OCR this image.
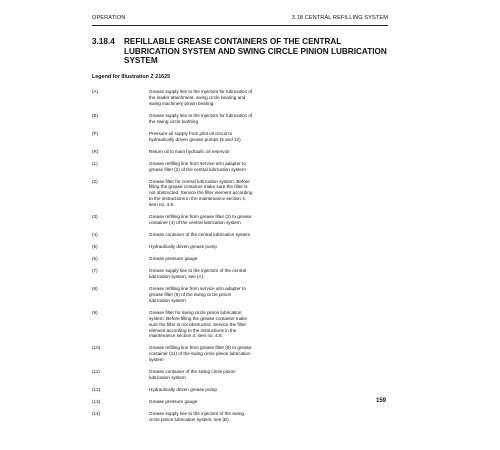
OPERATION	3.18 CENTRAL REFILLING SYSTEM
3.18.4 REFILLABLE GREASE CONTAINERS OF THE CENTRAL LUBRICATION SYSTEM AND SWING CIRCLE PINION LUBRICATION SYSTEM
Legend for Illustration Z 21625
(A)	Grease supply line to the injectors for lubrication of the loader attachment, swing circle bearing and swing machinery pinion bearing
(B)	Grease supply line to the injectors for lubrication of the swing circle toothing
(P)	Pressure oil supply from pilot oil circuit to hydraulically driven grease pumps (5 and 12)
(R)	Return oil to main hydraulic oil reservoir
(1)	Grease refilling line from service arm adapter to grease filter (2) of the central lubrication system
(2)	Grease filter for central lubrication system. Before filling the grease container make sure the filter is not obstructed. Service the filter element according to the instructions in the maintenance section 4, item no. 4.8.
(3)	Grease refilling line from grease filter (2) to grease container (4) of the central lubrication system
(4)	Grease container of the central lubrication system
(5)	Hydraulically driven grease pump
(6)	Grease pressure gauge
(7)	Grease supply line to the injectors of the central lubrication system, see (A).
(8)	Grease refilling line from service arm adapter to grease filter (9) of the swing circle pinion lubrication system
(9)	Grease filter for swing circle pinion lubrication system. Before filling the grease container make sure the filter is not obstructed. Service the filter element according to the instructions in the maintenance section 4, item no. 4.8.
(10)	Grease refilling line from grease filter (9) to grease container (11) of the swing circle pinion lubrication system
(11)	Grease container of the swing circle pinion lubrication system
(12)	Hydraulically driven grease pump
(13)	Grease pressure gauge
(14)	Grease supply line to the injectors of the swing circle pinion lubrication system, see (B).
159
